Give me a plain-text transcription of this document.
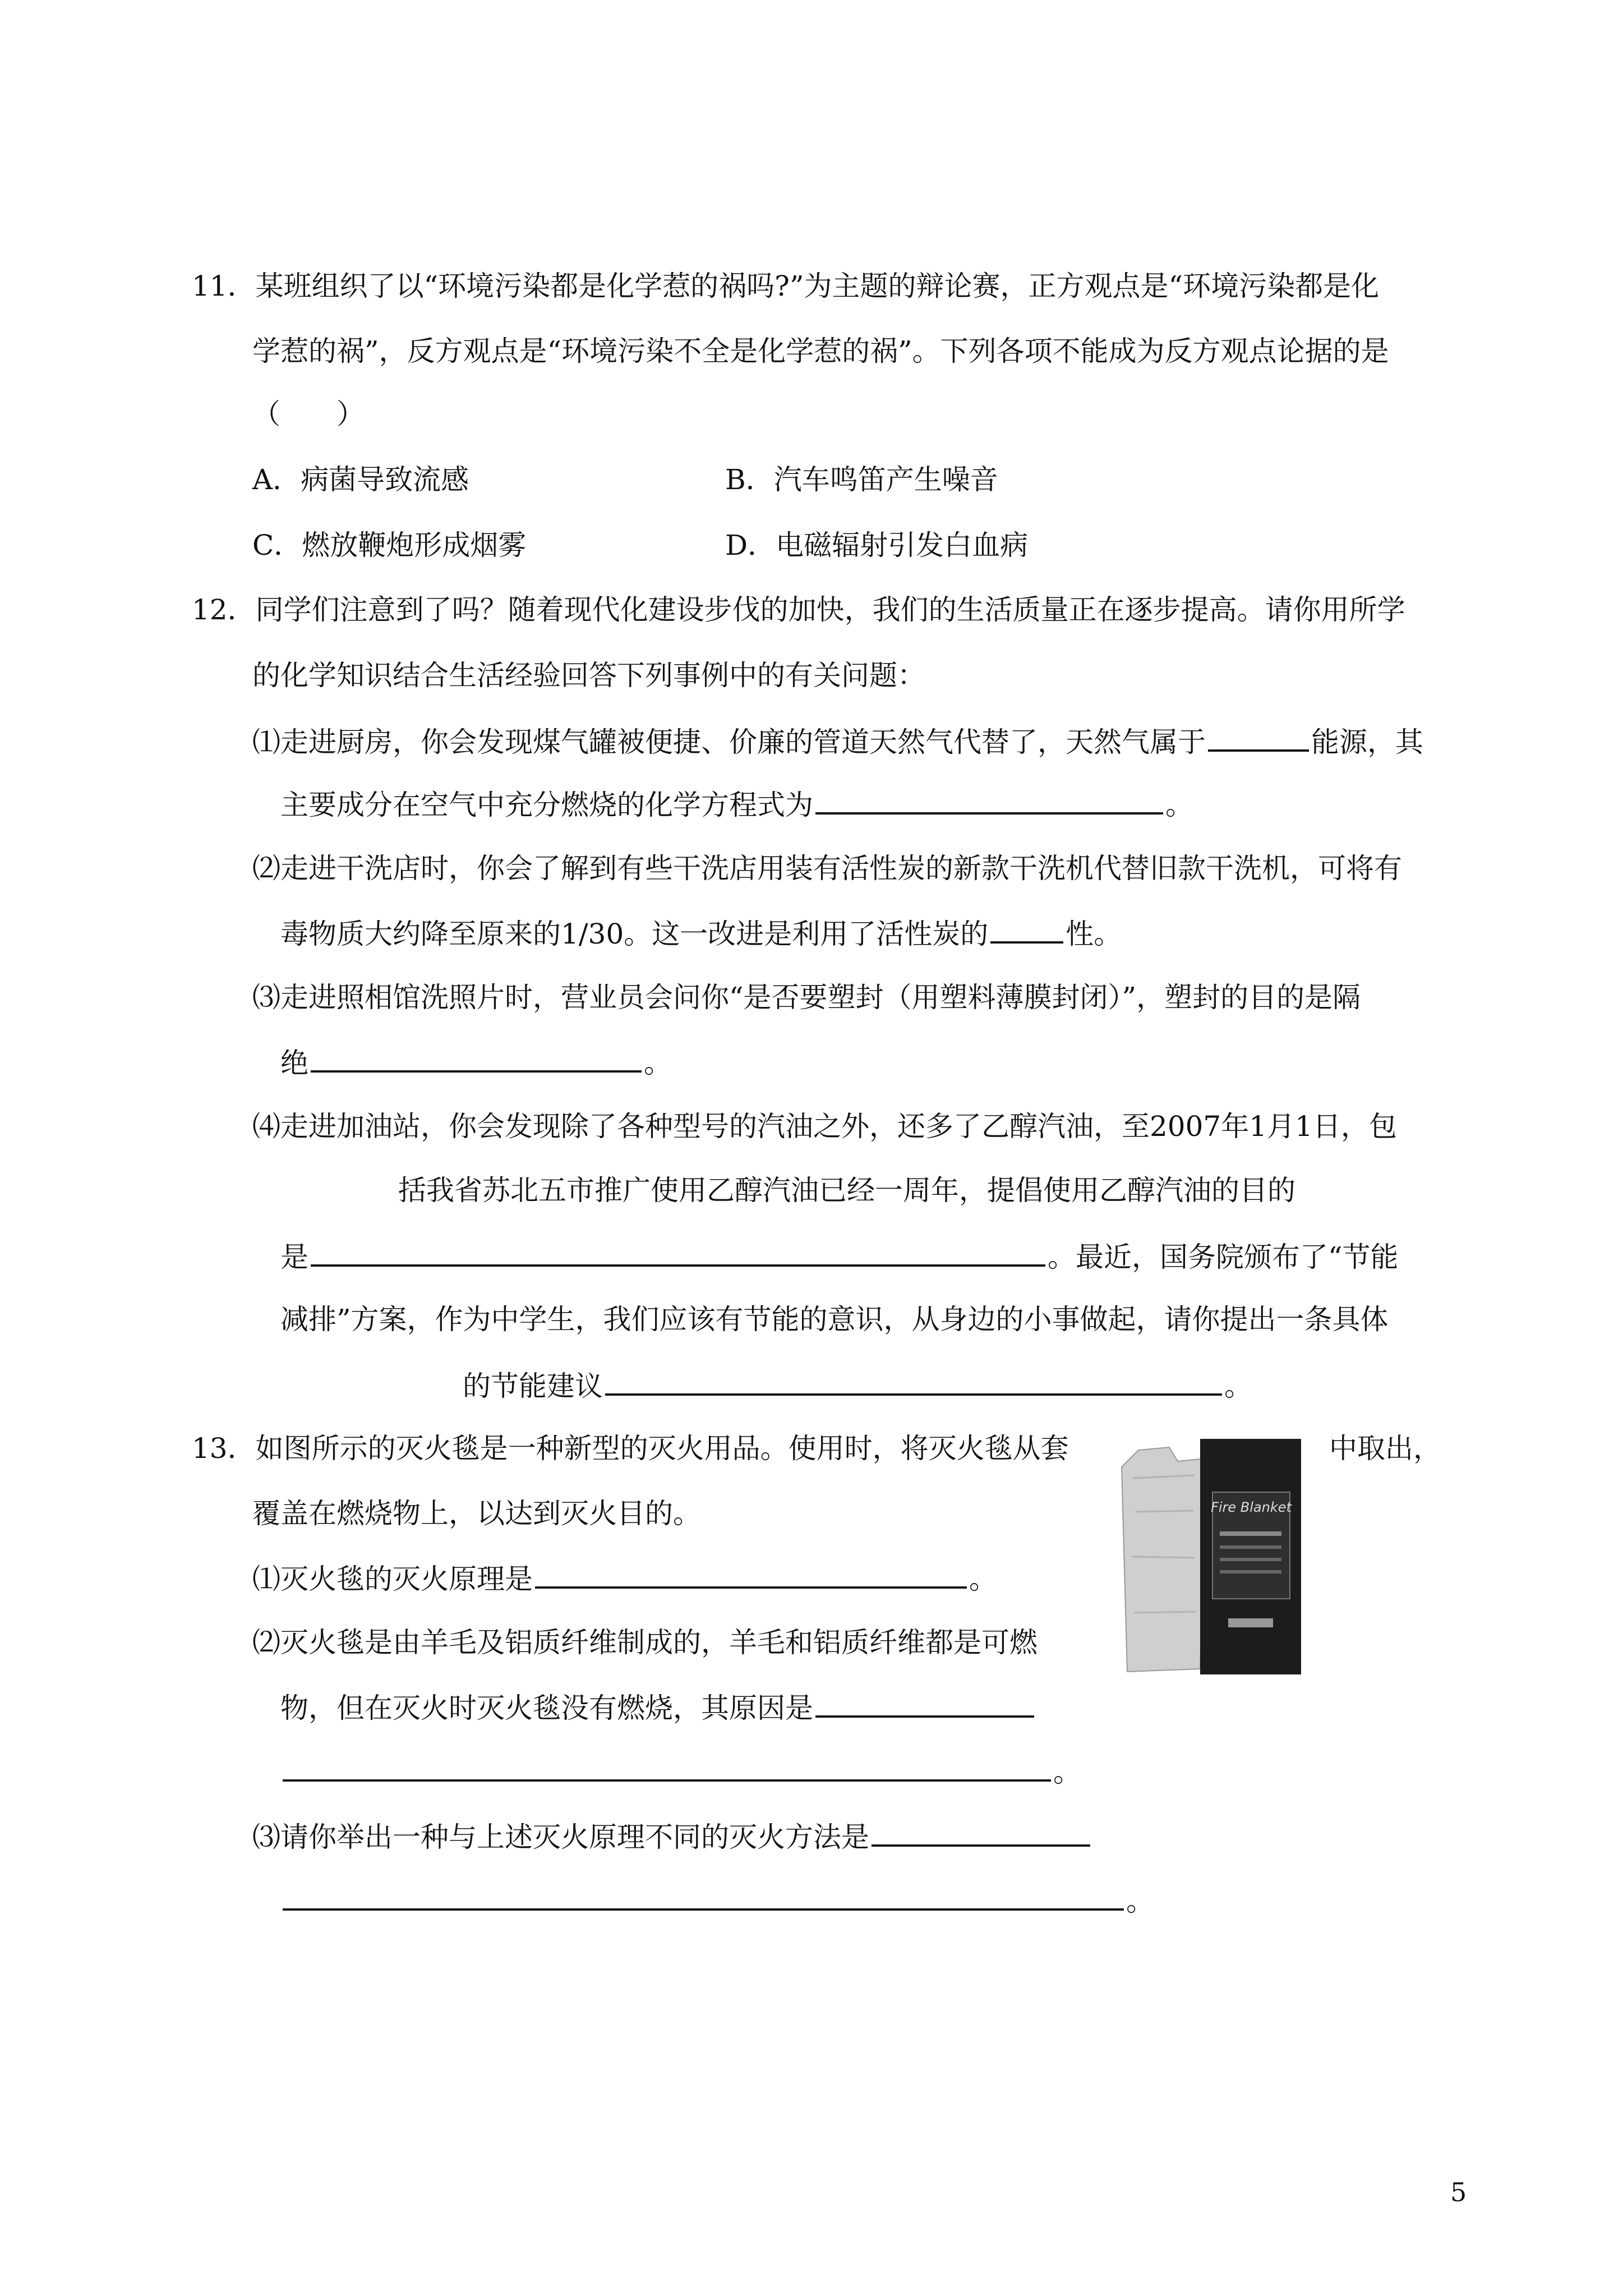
11．某班组织了以“环境污染都是化学惹的祸吗?”为主题的辩论赛，正方观点是“环境污染都是化
学惹的祸”，反方观点是“环境污染不全是化学惹的祸”。下列各项不能成为反方观点论据的是
（　　）
A．病菌导致流感	B．汽车鸣笛产生噪音
C．燃放鞭炮形成烟雾	D．电磁辐射引发白血病
12．同学们注意到了吗？随着现代化建设步伐的加快，我们的生活质量正在逐步提高。请你用所学
的化学知识结合生活经验回答下列事例中的有关问题：
⑴走进厨房，你会发现煤气罐被便捷、价廉的管道天然气代替了，天然气属于	能源，其
主要成分在空气中充分燃烧的化学方程式为	。
⑵走进干洗店时，你会了解到有些干洗店用装有活性炭的新款干洗机代替旧款干洗机，可将有
毒物质大约降至原来的1/30。这一改进是利用了活性炭的	性。
⑶走进照相馆洗照片时，营业员会问你“是否要塑封（用塑料薄膜封闭）”，塑封的目的是隔
绝	。
⑷走进加油站，你会发现除了各种型号的汽油之外，还多了乙醇汽油，至2007年1月1日，包
括我省苏北五市推广使用乙醇汽油已经一周年，提倡使用乙醇汽油的目的
是	。最近，国务院颁布了“节能
减排”方案，作为中学生，我们应该有节能的意识，从身边的小事做起，请你提出一条具体
的节能建议	。
13．如图所示的灭火毯是一种新型的灭火用品。使用时，将灭火毯从套	中取出，
覆盖在燃烧物上，以达到灭火目的。
⑴灭火毯的灭火原理是	。
⑵灭火毯是由羊毛及铝质纤维制成的，羊毛和铝质纤维都是可燃
物，但在灭火时灭火毯没有燃烧，其原因是
。
⑶请你举出一种与上述灭火原理不同的灭火方法是
。
Fire Blanket
5
